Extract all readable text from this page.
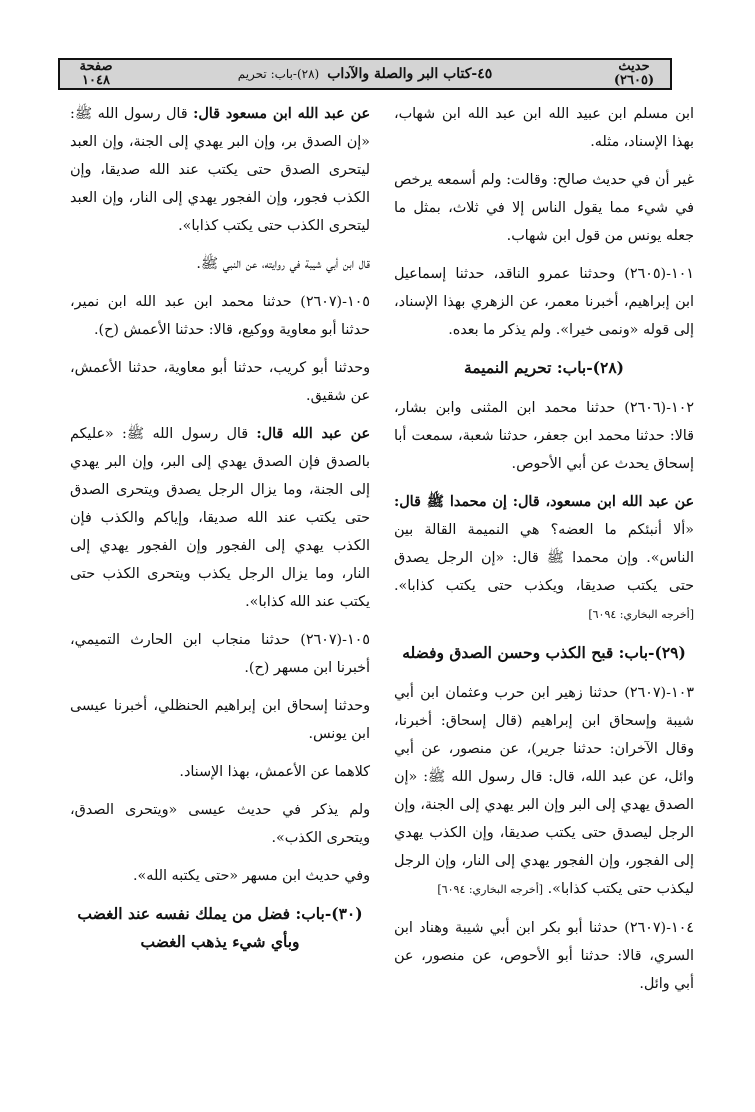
حديث
(٢٦٠٥)
٤٥-كتاب البر والصلة والآداب
(٢٨)-باب: تحريم
صفحة
١٠٤٨

ابن مسلم ابن عبيد الله ابن عبد الله ابن شهاب، بهذا الإسناد، مثله.

غير أن في حديث صالح: وقالت: ولم أسمعه يرخص في شيء مما يقول الناس إلا في ثلاث، بمثل ما جعله يونس من قول ابن شهاب.

١٠١-(٢٦٠٥) وحدثنا عمرو الناقد، حدثنا إسماعيل ابن إبراهيم، أخبرنا معمر، عن الزهري بهذا الإسناد، إلى قوله «ونمى خيرا». ولم يذكر ما بعده.

(٢٨)-باب: تحريم النميمة

١٠٢-(٢٦٠٦) حدثنا محمد ابن المثنى وابن بشار، قالا: حدثنا محمد ابن جعفر، حدثنا شعبة، سمعت أبا إسحاق يحدث عن أبي الأحوص.

عن عبد الله ابن مسعود، قال: إن محمدا ﷺ قال: «ألا أنبئكم ما العضه؟ هي النميمة القالة بين الناس». وإن محمدا ﷺ قال: «إن الرجل يصدق حتى يكتب صديقا، ويكذب حتى يكتب كذابا». [أخرجه البخاري: ٦٠٩٤]

(٢٩)-باب: قبح الكذب وحسن الصدق وفضله

١٠٣-(٢٦٠٧) حدثنا زهير ابن حرب وعثمان ابن أبي شيبة وإسحاق ابن إبراهيم (قال إسحاق: أخبرنا، وقال الآخران: حدثنا جرير)، عن منصور، عن أبي وائل، عن عبد الله، قال: قال رسول الله ﷺ: «إن الصدق يهدي إلى البر وإن البر يهدي إلى الجنة، وإن الرجل ليصدق حتى يكتب صديقا، وإن الكذب يهدي إلى الفجور، وإن الفجور يهدي إلى النار، وإن الرجل ليكذب حتى يكتب كذابا». [أخرجه البخاري: ٦٠٩٤]

١٠٤-(٢٦٠٧) حدثنا أبو بكر ابن أبي شيبة وهناد ابن السري، قالا: حدثنا أبو الأحوص، عن منصور، عن أبي وائل.

عن عبد الله ابن مسعود قال: قال رسول الله ﷺ: «إن الصدق بر، وإن البر يهدي إلى الجنة، وإن العبد ليتحرى الصدق حتى يكتب عند الله صديقا، وإن الكذب فجور، وإن الفجور يهدي إلى النار، وإن العبد ليتحرى الكذب حتى يكتب كذابا».

قال ابن أبي شيبة في روايته، عن النبي ﷺ.

١٠٥-(٢٦٠٧) حدثنا محمد ابن عبد الله ابن نمير، حدثنا أبو معاوية ووكيع، قالا: حدثنا الأعمش (ح).

وحدثنا أبو كريب، حدثنا أبو معاوية، حدثنا الأعمش، عن شقيق.

عن عبد الله قال: قال رسول الله ﷺ: «عليكم بالصدق فإن الصدق يهدي إلى البر، وإن البر يهدي إلى الجنة، وما يزال الرجل يصدق ويتحرى الصدق حتى يكتب عند الله صديقا، وإياكم والكذب فإن الكذب يهدي إلى الفجور وإن الفجور يهدي إلى النار، وما يزال الرجل يكذب ويتحرى الكذب حتى يكتب عند الله كذابا».

١٠٥-(٢٦٠٧) حدثنا منجاب ابن الحارث التميمي، أخبرنا ابن مسهر (ح).

وحدثنا إسحاق ابن إبراهيم الحنظلي، أخبرنا عيسى ابن يونس.

كلاهما عن الأعمش، بهذا الإسناد.

ولم يذكر في حديث عيسى «ويتحرى الصدق، ويتحرى الكذب».

وفي حديث ابن مسهر «حتى يكتبه الله».

(٣٠)-باب: فضل من يملك نفسه عند الغضب وبأي شيء يذهب الغضب
